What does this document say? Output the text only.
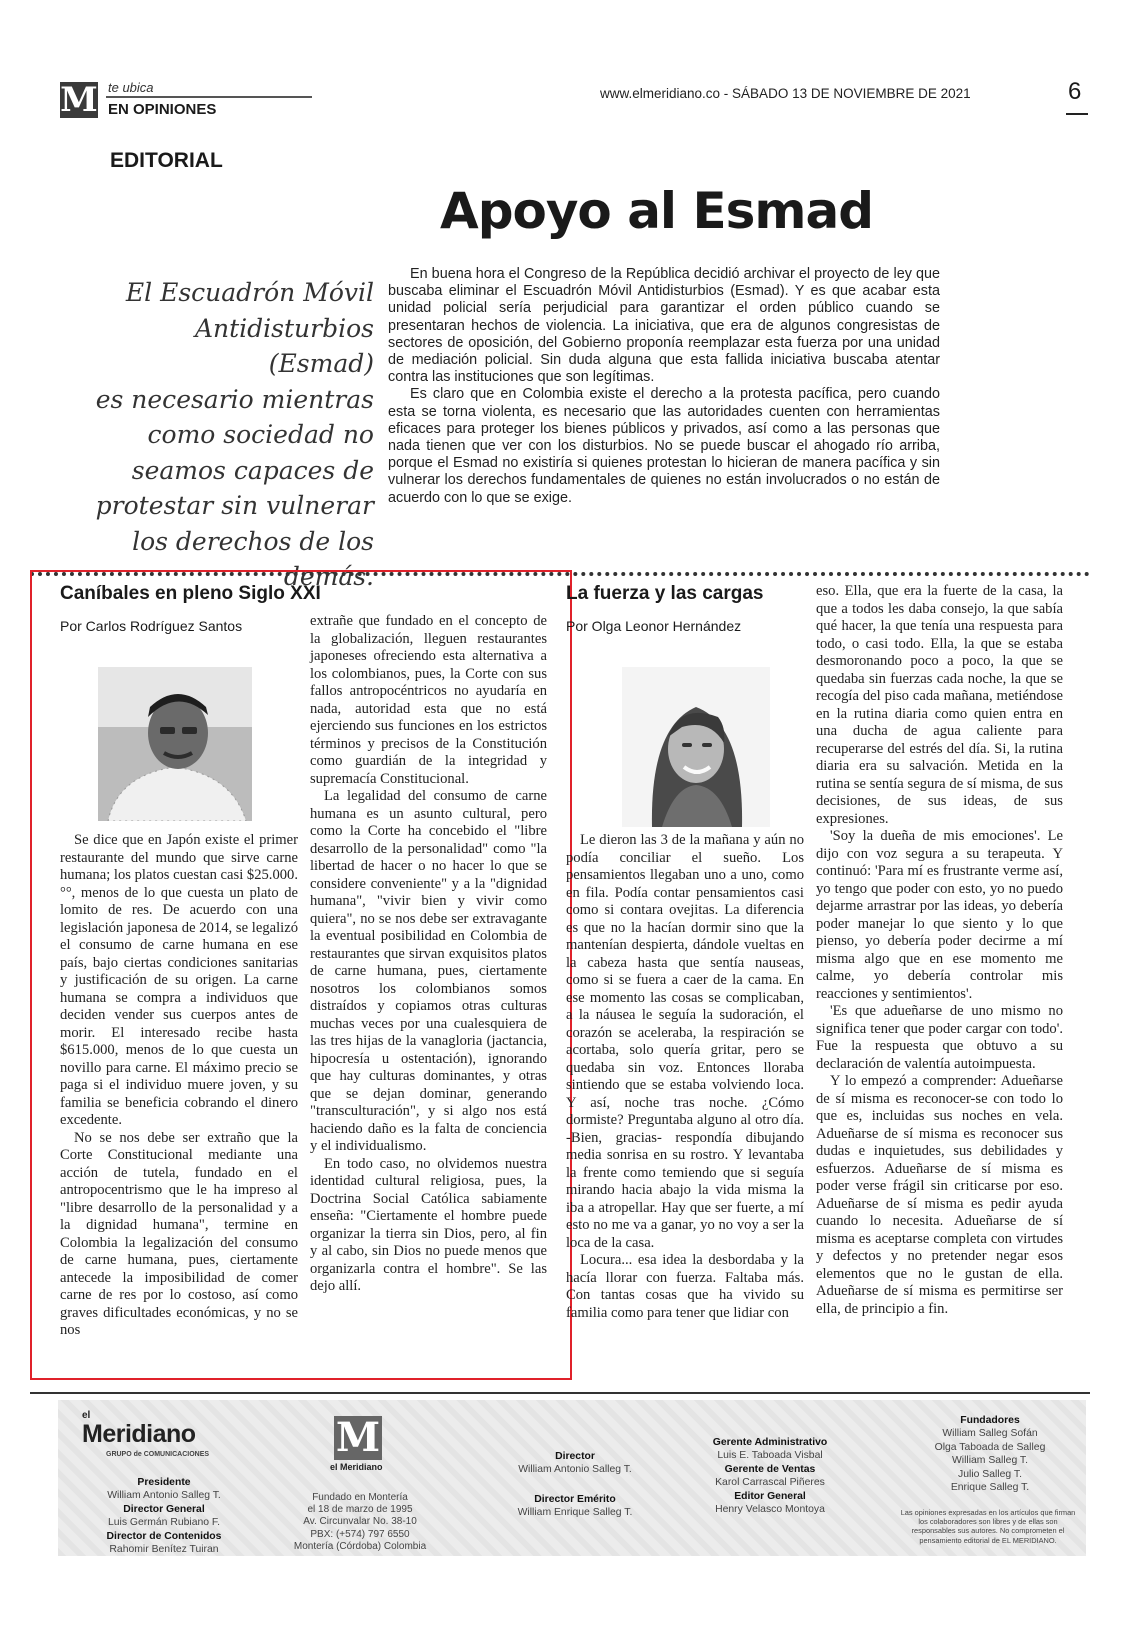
M te ubica
EN OPINIONES
www.elmeridiano.co - SÁBADO 13 DE NOVIEMBRE DE 2021	6
EDITORIAL
Apoyo al Esmad
El Escuadrón Móvil
Antidisturbios (Esmad)
es necesario mientras
como sociedad no
seamos capaces de
protestar sin vulnerar
los derechos de los
demás.

En buena hora el Congreso de la República decidió archivar el proyecto de ley que buscaba eliminar el Escuadrón Móvil Antidisturbios (Esmad). Y es que acabar esta unidad policial sería perjudicial para garantizar el orden público cuando se presentaran hechos de violencia. La iniciativa, que era de algunos congresistas de sectores de oposición, del Gobierno proponía reemplazar esta fuerza por una unidad de mediación policial. Sin duda alguna que esta fallida iniciativa buscaba atentar contra las instituciones que son legítimas.

Es claro que en Colombia existe el derecho a la protesta pacífica, pero cuando esta se torna violenta, es necesario que las autoridades cuenten con herramientas eficaces para proteger los bienes públicos y privados, así como a las personas que nada tienen que ver con los disturbios. No se puede buscar el ahogado río arriba, porque el Esmad no existiría si quienes protestan lo hicieran de manera pacífica y sin vulnerar los derechos fundamentales de quienes no están involucrados o no están de acuerdo con lo que se exige.

Caníbales en pleno Siglo XXI
Por Carlos Rodríguez Santos

Se dice que en Japón existe el primer restaurante del mundo que sirve carne humana; los platos cuestan casi $25.000. °°, menos de lo que cuesta un plato de lomito de res. De acuerdo con una legislación japonesa de 2014, se legalizó el consumo de carne humana en ese país, bajo ciertas condiciones sanitarias y justificación de su origen. La carne humana se compra a individuos que deciden vender sus cuerpos antes de morir. El interesado recibe hasta $615.000, menos de lo que cuesta un novillo para carne. El máximo precio se paga si el individuo muere joven, y su familia se beneficia cobrando el dinero excedente.

No se nos debe ser extraño que la Corte Constitucional mediante una acción de tutela, fundado en el antropocentrismo que le ha impreso al "libre desarrollo de la personalidad y a la dignidad humana", termine en Colombia la legalización del consumo de carne humana, pues, ciertamente antecede la imposibilidad de comer carne de res por lo costoso, así como graves dificultades económicas, y no se nos

extrañe que fundado en el concepto de la globalización, lleguen restaurantes japoneses ofreciendo esta alternativa a los colombianos, pues, la Corte con sus fallos antropocéntricos no ayudaría en nada, autoridad esta que no está ejerciendo sus funciones en los estrictos términos y precisos de la Constitución como guardián de la integridad y supremacía Constitucional.

La legalidad del consumo de carne humana es un asunto cultural, pero como la Corte ha concebido el "libre desarrollo de la personalidad" como "la libertad de hacer o no hacer lo que se considere conveniente" y a la "dignidad humana", "vivir bien y vivir como quiera", no se nos debe ser extravagante la eventual posibilidad en Colombia de restaurantes que sirvan exquisitos platos de carne humana, pues, ciertamente nosotros los colombianos somos distraídos y copiamos otras culturas muchas veces por una cualesquiera de las tres hijas de la vanagloria (jactancia, hipocresía u ostentación), ignorando que hay culturas dominantes, y otras que se dejan dominar, generando "transculturación", y si algo nos está haciendo daño es la falta de conciencia y el individualismo.

En todo caso, no olvidemos nuestra identidad cultural religiosa, pues, la Doctrina Social Católica sabiamente enseña: "Ciertamente el hombre puede organizar la tierra sin Dios, pero, al fin y al cabo, sin Dios no puede menos que organizarla contra el hombre". Se las dejo allí.

La fuerza y las cargas
Por Olga Leonor Hernández

Le dieron las 3 de la mañana y aún no podía conciliar el sueño. Los pensamientos llegaban uno a uno, como en fila. Podía contar pensamientos casi como si contara ovejitas. La diferencia es que no la hacían dormir sino que la mantenían despierta, dándole vueltas en la cabeza hasta que sentía nauseas, como si se fuera a caer de la cama. En ese momento las cosas se complicaban, a la náusea le seguía la sudoración, el corazón se aceleraba, la respiración se acortaba, solo quería gritar, pero se quedaba sin voz. Entonces lloraba sintiendo que se estaba volviendo loca. Y así, noche tras noche. ¿Cómo dormiste? Preguntaba alguno al otro día. -Bien, gracias- respondía dibujando media sonrisa en su rostro. Y levantaba la frente como temiendo que si seguía mirando hacia abajo la vida misma la iba a atropellar. Hay que ser fuerte, a mí esto no me va a ganar, yo no voy a ser la loca de la casa.

Locura... esa idea la desbordaba y la hacía llorar con fuerza. Faltaba más. Con tantas cosas que ha vivido su familia como para tener que lidiar con

eso. Ella, que era la fuerte de la casa, la que a todos les daba consejo, la que sabía qué hacer, la que tenía una respuesta para todo, o casi todo. Ella, la que se estaba desmoronando poco a poco, la que se quedaba sin fuerzas cada noche, la que se recogía del piso cada mañana, metiéndose en la rutina diaria como quien entra en una ducha de agua caliente para recuperarse del estrés del día. Si, la rutina diaria era su salvación. Metida en la rutina se sentía segura de sí misma, de sus decisiones, de sus ideas, de sus expresiones.

'Soy la dueña de mis emociones'. Le dijo con voz segura a su terapeuta. Y continuó: 'Para mí es frustrante verme así, yo tengo que poder con esto, yo no puedo dejarme arrastrar por las ideas, yo debería poder manejar lo que siento y lo que pienso, yo debería poder decirme a mí misma algo que en ese momento me calme, yo debería controlar mis reacciones y sentimientos'.

'Es que adueñarse de uno mismo no significa tener que poder cargar con todo'. Fue la respuesta que obtuvo a su declaración de valentía autoimpuesta.

Y lo empezó a comprender: Adueñarse de sí misma es reconocer-se con todo lo que es, incluidas sus noches en vela. Adueñarse de sí misma es reconocer sus dudas e inquietudes, sus debilidades y esfuerzos. Adueñarse de sí misma es poder verse frágil sin criticarse por eso. Adueñarse de sí misma es pedir ayuda cuando lo necesita. Adueñarse de sí misma es aceptarse completa con virtudes y defectos y no pretender negar esos elementos que no le gustan de ella. Adueñarse de sí misma es permitirse ser ella, de principio a fin.

el
Meridiano
GRUPO de COMUNICACIONES
Presidente
William Antonio Salleg T.
Director General
Luis Germán Rubiano F.
Director de Contenidos
Rahomir Benítez Tuiran
M
el Meridiano
Fundado en Montería
el 18 de marzo de 1995
Av. Circunvalar No. 38-10
PBX: (+574) 797 6550
Montería (Córdoba) Colombia
Director
William Antonio Salleg T.
Director Emérito
William Enrique Salleg T.
Gerente Administrativo
Luis E. Taboada Visbal
Gerente de Ventas
Karol Carrascal Piñeres
Editor General
Henry Velasco Montoya
Fundadores
William Salleg Sofán
Olga Taboada de Salleg
William Salleg T.
Julio Salleg T.
Enrique Salleg T.
Las opiniones expresadas en los artículos que firman los colaboradores son libres y de ellas son responsables sus autores. No comprometen el pensamiento editorial de EL MERIDIANO.
